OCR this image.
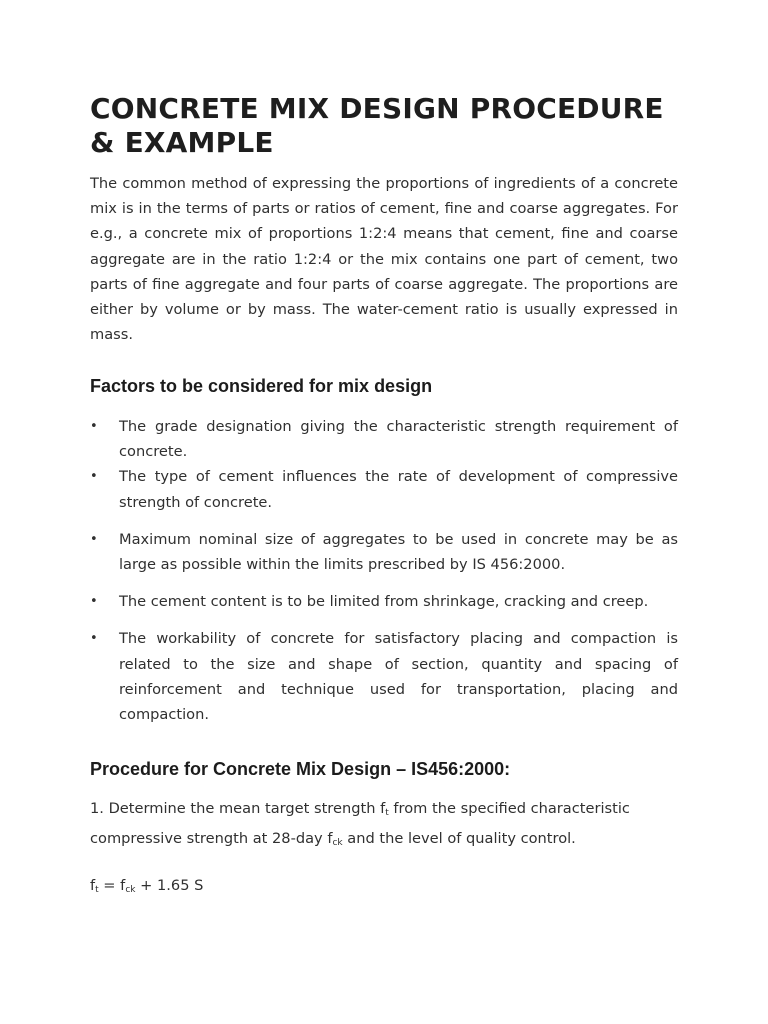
CONCRETE MIX DESIGN PROCEDURE & EXAMPLE

The common method of expressing the proportions of ingredients of a concrete mix is in the terms of parts or ratios of cement, fine and coarse aggregates. For e.g., a concrete mix of proportions 1:2:4 means that cement, fine and coarse aggregate are in the ratio 1:2:4 or the mix contains one part of cement, two parts of fine aggregate and four parts of coarse aggregate. The proportions are either by volume or by mass. The water-cement ratio is usually expressed in mass.

Factors to be considered for mix design
• The grade designation giving the characteristic strength requirement of concrete.
• The type of cement influences the rate of development of compressive strength of concrete.
• Maximum nominal size of aggregates to be used in concrete may be as large as possible within the limits prescribed by IS 456:2000.
• The cement content is to be limited from shrinkage, cracking and creep.
• The workability of concrete for satisfactory placing and compaction is related to the size and shape of section, quantity and spacing of reinforcement and technique used for transportation, placing and compaction.
Procedure for Concrete Mix Design – IS456:2000:

1. Determine the mean target strength $f_t$ from the specified characteristic compressive strength at 28-day $f_{ck}$ and the level of quality control.

$f_t = f_{ck} + 1.65$ S
